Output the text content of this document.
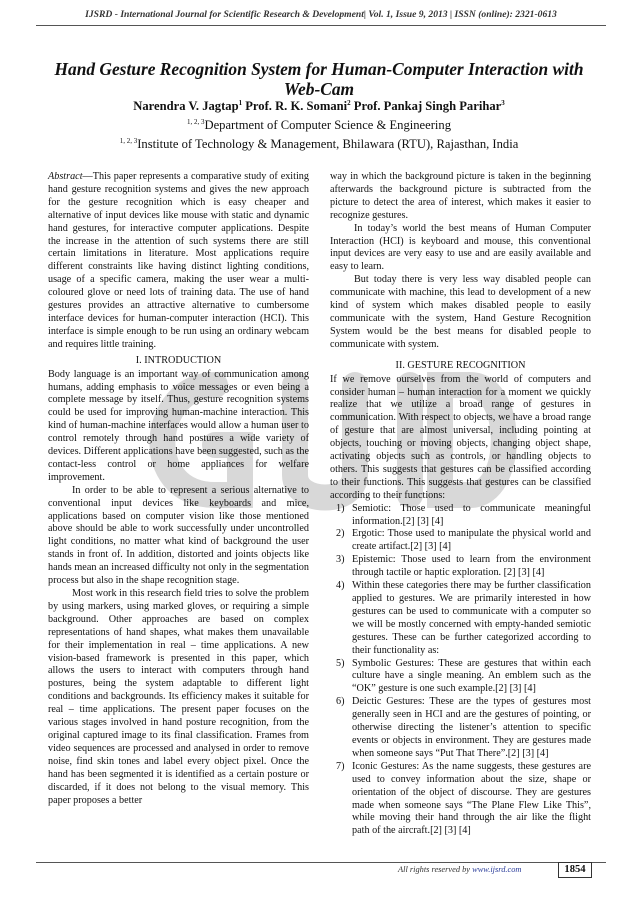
IJSRD - International Journal for Scientific Research & Development| Vol. 1, Issue 9, 2013 | ISSN (online): 2321-0613
Hand Gesture Recognition System for Human-Computer Interaction with
Web-Cam
Narendra V. Jagtap$^1$ Prof. R. K. Somani$^2$ Prof. Pankaj Singh Parihar$^3$
$^{1, 2, 3}$Department of Computer Science & Engineering
$^{1, 2, 3}$Institute of Technology & Management, Bhilawara (RTU), Rajasthan, India

Abstract—This paper represents a comparative study of exiting hand gesture recognition systems and gives the new approach for the gesture recognition which is easy cheaper and alternative of input devices like mouse with static and dynamic hand gestures, for interactive computer applications. Despite the increase in the attention of such systems there are still certain limitations in literature. Most applications require different constraints like having distinct lighting conditions, usage of a specific camera, making the user wear a multi-coloured glove or need lots of training data. The use of hand gestures provides an attractive alternative to cumbersome interface devices for human-computer interaction (HCI). This interface is simple enough to be run using an ordinary webcam and requires little training.

I. INTRODUCTION

Body language is an important way of communication among humans, adding emphasis to voice messages or even being a complete message by itself. Thus, gesture recognition systems could be used for improving human-machine interaction. This kind of human-machine interfaces would allow a human user to control remotely through hand postures a wide variety of devices. Different applications have been suggested, such as the contact-less control or home appliances for welfare improvement.

In order to be able to represent a serious alternative to conventional input devices like keyboards and mice, applications based on computer vision like those mentioned above should be able to work successfully under uncontrolled light conditions, no matter what kind of background the user stands in front of. In addition, distorted and joints objects like hands mean an increased difficulty not only in the segmentation process but also in the shape recognition stage.

Most work in this research field tries to solve the problem by using markers, using marked gloves, or requiring a simple background. Other approaches are based on complex representations of hand shapes, what makes them unavailable for their implementation in real – time applications. A new vision-based framework is presented in this paper, which allows the users to interact with computers through hand postures, being the system adaptable to different light conditions and backgrounds. Its efficiency makes it suitable for real – time applications. The present paper focuses on the various stages involved in hand posture recognition, from the original captured image to its final classification. Frames from video sequences are processed and analysed in order to remove noise, find skin tones and label every object pixel. Once the hand has been segmented it is identified as a certain posture or discarded, if it does not belong to the visual memory. This paper proposes a better

way in which the background picture is taken in the beginning afterwards the background picture is subtracted from the picture to detect the area of interest, which makes it easier to recognize gestures.

In today’s world the best means of Human Computer Interaction (HCI) is keyboard and mouse, this conventional input devices are very easy to use and are easily available and easy to learn.

But today there is very less way disabled people can communicate with machine, this lead to development of a new kind of system which makes disabled people to easily communicate with the system, Hand Gesture Recognition System would be the best means for disabled people to communicate with system.

II. GESTURE RECOGNITION

If we remove ourselves from the world of computers and consider human – human interaction for a moment we quickly realize that we utilize a broad range of gestures in communication. With respect to objects, we have a broad range of gesture that are almost universal, including pointing at objects, touching or moving objects, changing object shape, activating objects such as controls, or handling objects to others. This suggests that gestures can be classified according to their functions. This suggests that gestures can be classified according to their functions:

1) Semiotic: Those used to communicate meaningful information.[2] [3] [4]
2) Ergotic: Those used to manipulate the physical world and create artifact.[2] [3] [4]
3) Epistemic: Those used to learn from the environment through tactile or haptic exploration. [2] [3] [4]
4) Within these categories there may be further classification applied to gestures. We are primarily interested in how gestures can be used to communicate with a computer so we will be mostly concerned with empty-handed semiotic gestures. These can be further categorized according to their functionality as:
5) Symbolic Gestures: These are gestures that within each culture have a single meaning. An emblem such as the “OK” gesture is one such example.[2] [3] [4]
6) Deictic Gestures: These are the types of gestures most generally seen in HCI and are the gestures of pointing, or otherwise directing the listener’s attention to specific events or objects in environment. They are gestures made when someone says “Put That There”.[2] [3] [4]
7) Iconic Gestures: As the name suggests, these gestures are used to convey information about the size, shape or orientation of the object of discourse. They are gestures made when someone says “The Plane Flew Like This”, while moving their hand through the air like the flight path of the aircraft.[2] [3] [4]
All rights reserved by www.ijsrd.com	1854
